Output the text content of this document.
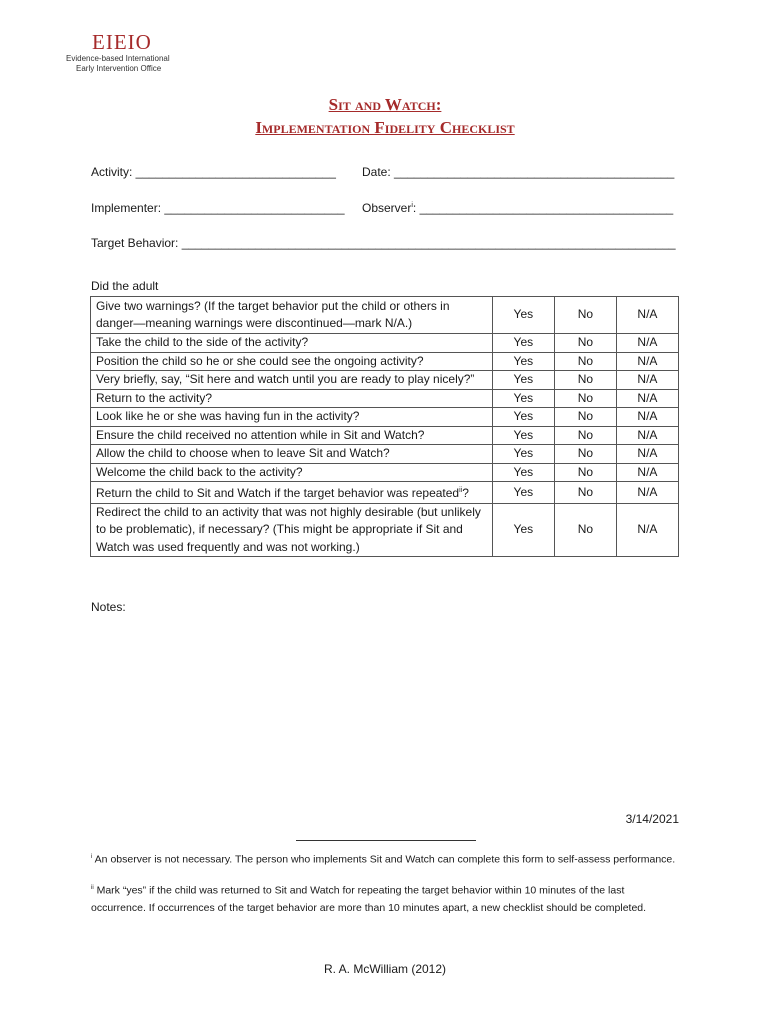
EIEIO
Evidence-based International
Early Intervention Office
Sit and Watch:
Implementation Fidelity Checklist
Activity: ______________________________ Date: __________________________________________
Implementer: ___________________________ Observer$^i$: ______________________________________
Target Behavior: __________________________________________________________________________
Did the adult
Give two warnings? (If the target behavior put the child or others in danger—meaning warnings were discontinued—mark N/A.)	Yes	No	N/A
Take the child to the side of the activity?	Yes	No	N/A
Position the child so he or she could see the ongoing activity?	Yes	No	N/A
Very briefly, say, “Sit here and watch until you are ready to play nicely?”	Yes	No	N/A
Return to the activity?	Yes	No	N/A
Look like he or she was having fun in the activity?	Yes	No	N/A
Ensure the child received no attention while in Sit and Watch?	Yes	No	N/A
Allow the child to choose when to leave Sit and Watch?	Yes	No	N/A
Welcome the child back to the activity?	Yes	No	N/A
Return the child to Sit and Watch if the target behavior was repeated$^{ii}$?	Yes	No	N/A
Redirect the child to an activity that was not highly desirable (but unlikely to be problematic), if necessary? (This might be appropriate if Sit and Watch was used frequently and was not working.)	Yes	No	N/A
Notes:
3/14/2021
$^i$ An observer is not necessary. The person who implements Sit and Watch can complete this form to self-assess performance.
$^{ii}$ Mark “yes” if the child was returned to Sit and Watch for repeating the target behavior within 10 minutes of the last occurrence. If occurrences of the target behavior are more than 10 minutes apart, a new checklist should be completed.
R. A. McWilliam (2012)
